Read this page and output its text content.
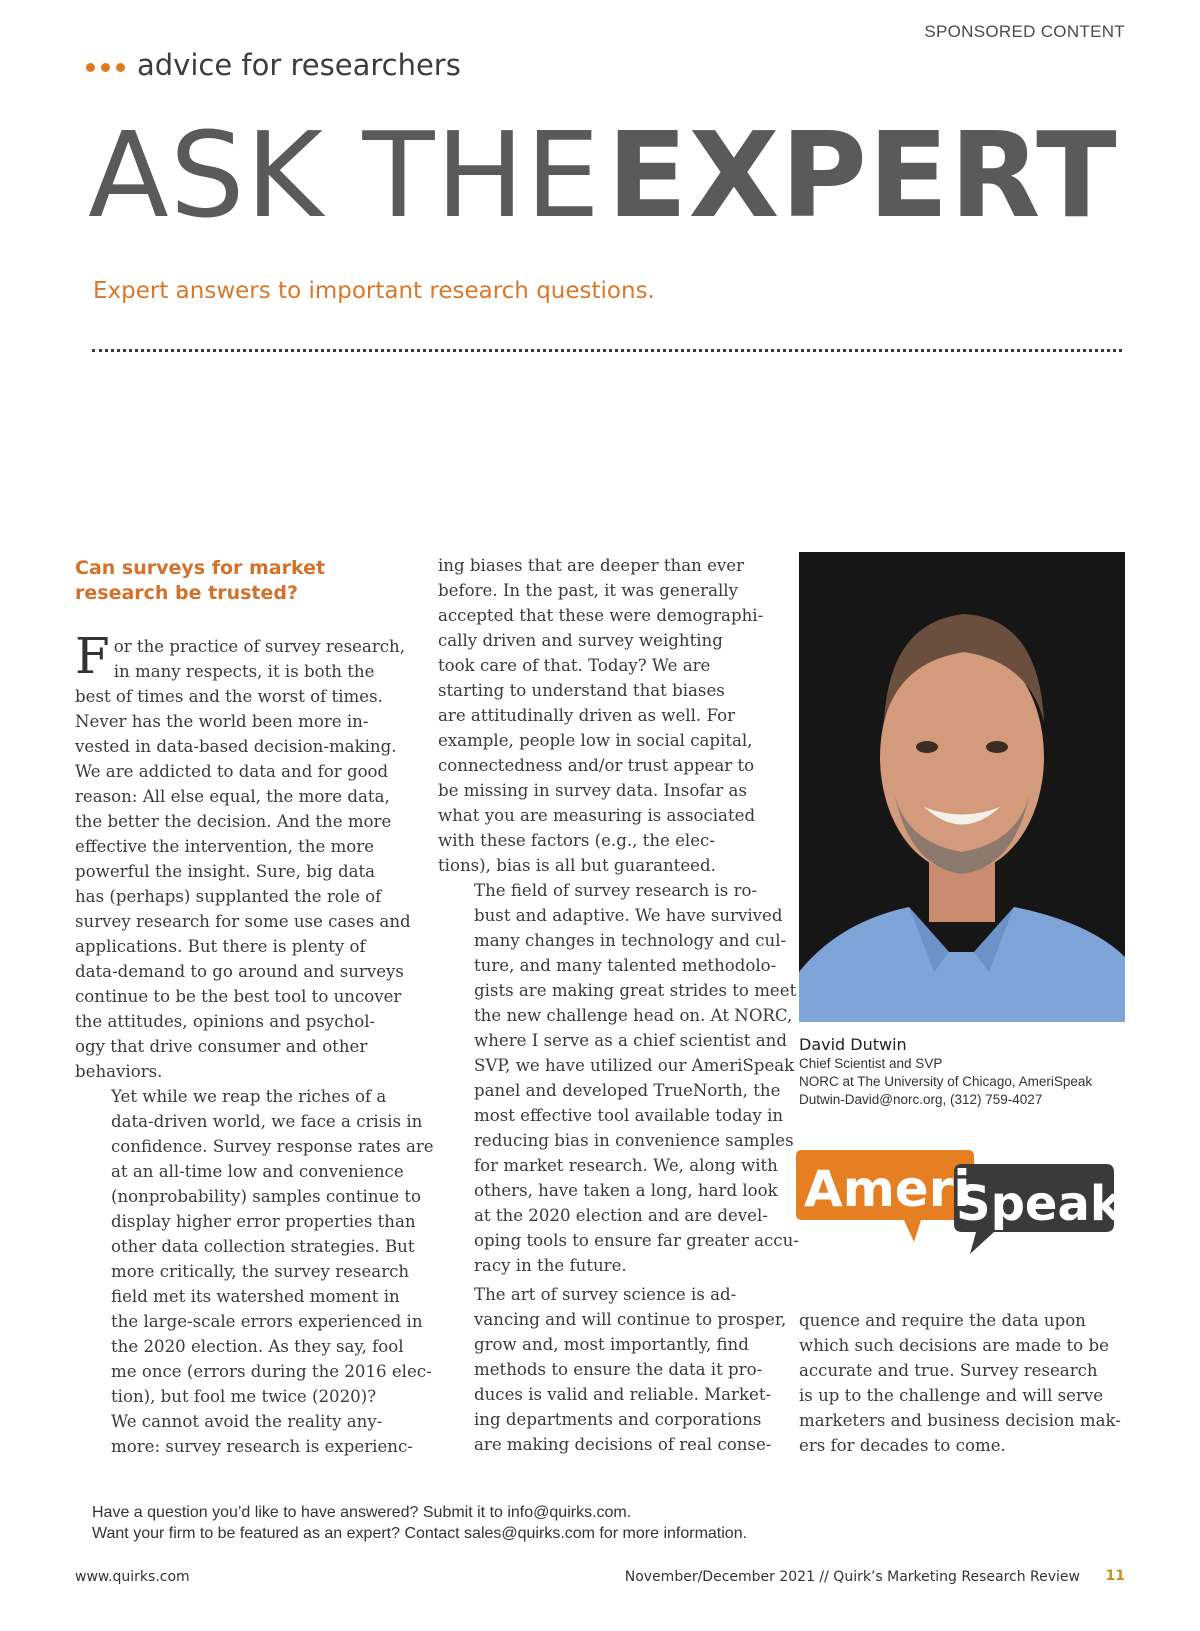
SPONSORED CONTENT
advice for researchers
ASK THEEXPERT
Expert answers to important research questions.
Can surveys for market research be trusted?
F or the practice of survey research,
in many respects, it is both the
best of times and the worst of times.
Never has the world been more in-
vested in data-based decision-making.
We are addicted to data and for good
reason: All else equal, the more data,
the better the decision. And the more
effective the intervention, the more
powerful the insight. Sure, big data
has (perhaps) supplanted the role of
survey research for some use cases and
applications. But there is plenty of
data-demand to go around and surveys
continue to be the best tool to uncover
the attitudes, opinions and psychol-
ogy that drive consumer and other
behaviors.

Yet while we reap the riches of a
data-driven world, we face a crisis in
confidence. Survey response rates are
at an all-time low and convenience
(nonprobability) samples continue to
display higher error properties than
other data collection strategies. But
more critically, the survey research
field met its watershed moment in
the large-scale errors experienced in
the 2020 election. As they say, fool
me once (errors during the 2016 elec-
tion), but fool me twice (2020)?

We cannot avoid the reality any-
more: survey research is experienc-

ing biases that are deeper than ever
before. In the past, it was generally
accepted that these were demographi-
cally driven and survey weighting
took care of that. Today? We are
starting to understand that biases
are attitudinally driven as well. For
example, people low in social capital,
connectedness and/or trust appear to
be missing in survey data. Insofar as
what you are measuring is associated
with these factors (e.g., the elec-
tions), bias is all but guaranteed.

The field of survey research is ro-
bust and adaptive. We have survived
many changes in technology and cul-
ture, and many talented methodolo-
gists are making great strides to meet
the new challenge head on. At NORC,
where I serve as a chief scientist and
SVP, we have utilized our AmeriSpeak
panel and developed TrueNorth, the
most effective tool available today in
reducing bias in convenience samples
for market research. We, along with
others, have taken a long, hard look
at the 2020 election and are devel-
oping tools to ensure far greater accu-
racy in the future.

The art of survey science is ad-
vancing and will continue to prosper,
grow and, most importantly, find
methods to ensure the data it pro-
duces is valid and reliable. Market-
ing departments and corporations
are making decisions of real conse-

David Dutwin
Chief Scientist and SVP
NORC at The University of Chicago, AmeriSpeak
Dutwin-David@norc.org, (312) 759-4027
Ameri
Speak

quence and require the data upon
which such decisions are made to be
accurate and true. Survey research
is up to the challenge and will serve
marketers and business decision mak-
ers for decades to come.

Have a question you’d like to have answered? Submit it to info@quirks.com.
Want your firm to be featured as an expert? Contact sales@quirks.com for more information.
www.quirks.com	November/December 2021 // Quirk’s Marketing Research Review 11
